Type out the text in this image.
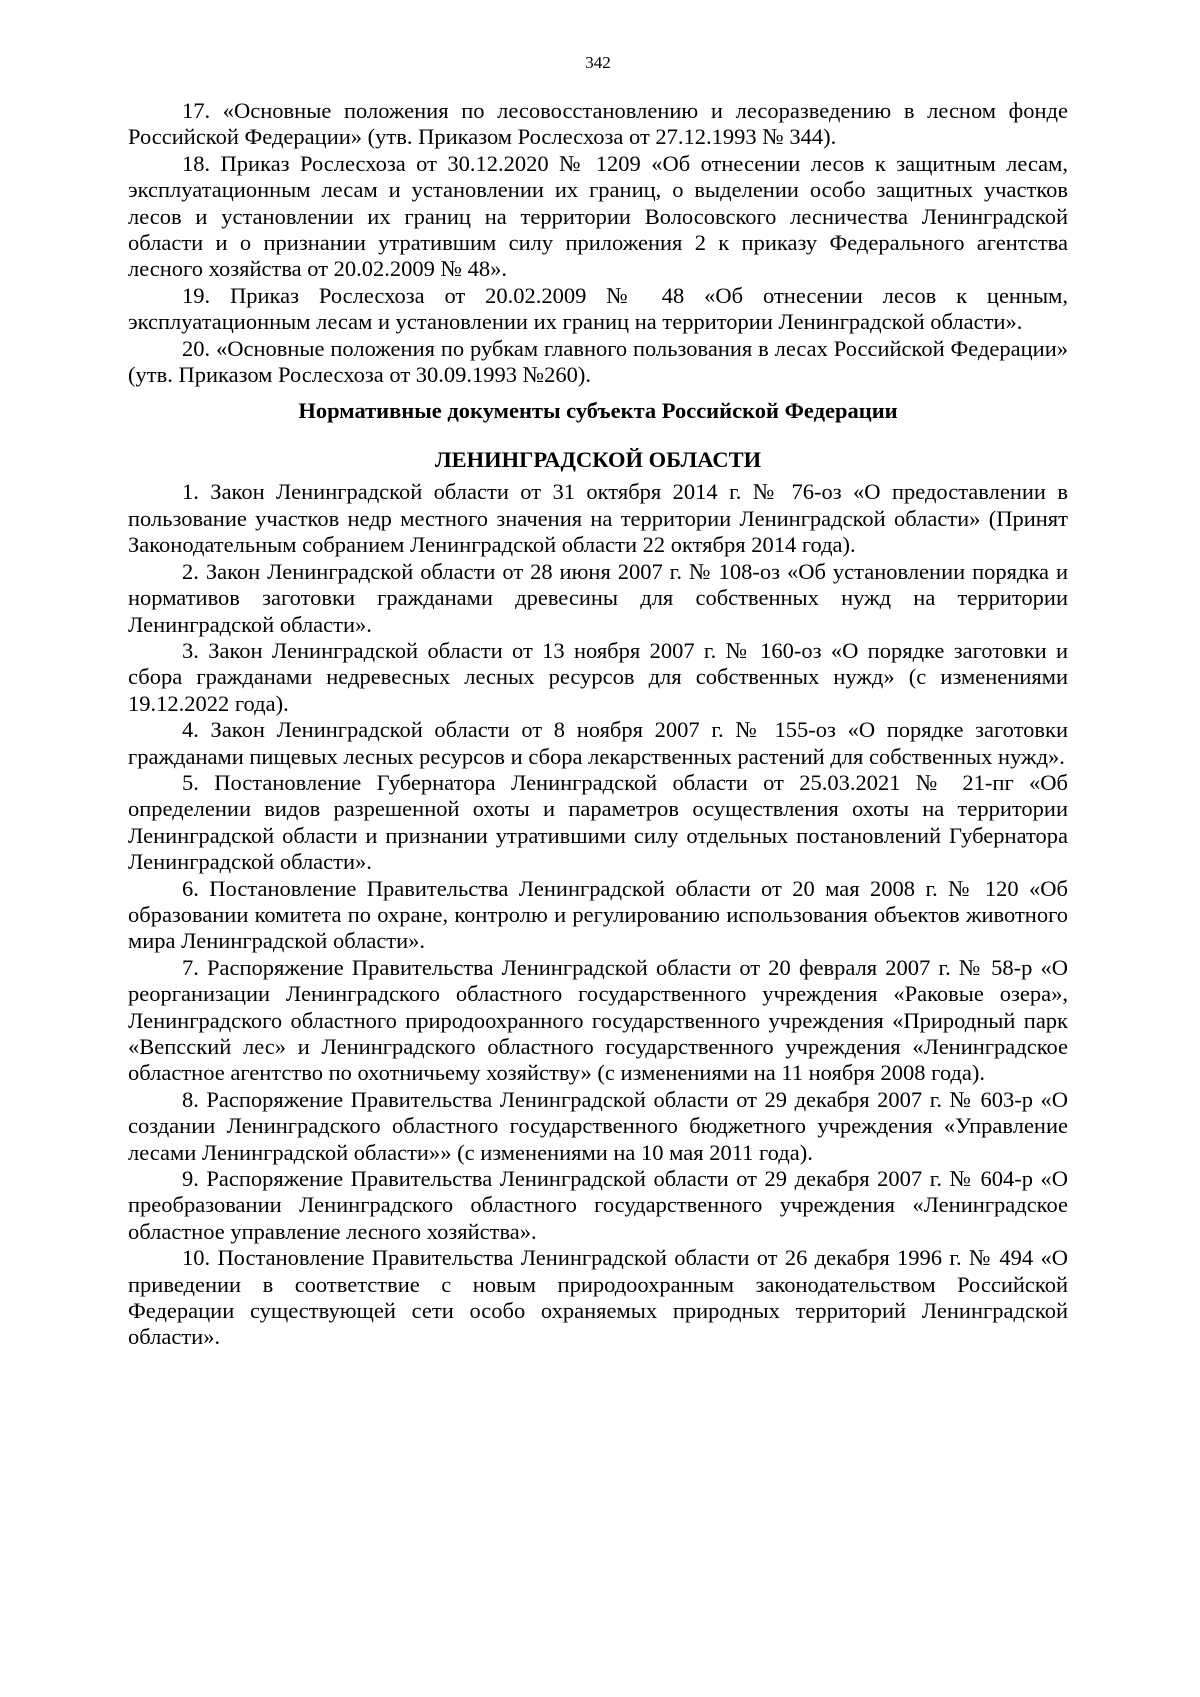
342

17. «Основные положения по лесовосстановлению и лесоразведению в лесном фонде Российской Федерации» (утв. Приказом Рослесхоза от 27.12.1993 № 344).

18. Приказ Рослесхоза от 30.12.2020 № 1209 «Об отнесении лесов к защитным лесам, эксплуатационным лесам и установлении их границ, о выделении особо защитных участков лесов и установлении их границ на территории Волосовского лесничества Ленинградской области и о признании утратившим силу приложения 2 к приказу Федерального агентства лесного хозяйства от 20.02.2009 № 48».

19. Приказ Рослесхоза от 20.02.2009 № 48 «Об отнесении лесов к ценным, эксплуатационным лесам и установлении их границ на территории Ленинградской области».

20. «Основные положения по рубкам главного пользования в лесах Российской Федерации» (утв. Приказом Рослесхоза от 30.09.1993 №260).

Нормативные документы субъекта Российской Федерации
ЛЕНИНГРАДСКОЙ ОБЛАСТИ

1. Закон Ленинградской области от 31 октября 2014 г. № 76-оз «О предоставлении в пользование участков недр местного значения на территории Ленинградской области» (Принят Законодательным собранием Ленинградской области 22 октября 2014 года).

2. Закон Ленинградской области от 28 июня 2007 г. № 108-оз «Об установлении порядка и нормативов заготовки гражданами древесины для собственных нужд на территории Ленинградской области».

3. Закон Ленинградской области от 13 ноября 2007 г. № 160-оз «О порядке заготовки и сбора гражданами недревесных лесных ресурсов для собственных нужд» (с изменениями 19.12.2022 года).

4. Закон Ленинградской области от 8 ноября 2007 г. № 155-оз «О порядке заготовки гражданами пищевых лесных ресурсов и сбора лекарственных растений для собственных нужд».

5. Постановление Губернатора Ленинградской области от 25.03.2021 № 21-пг «Об определении видов разрешенной охоты и параметров осуществления охоты на территории Ленинградской области и признании утратившими силу отдельных постановлений Губернатора Ленинградской области».

6. Постановление Правительства Ленинградской области от 20 мая 2008 г. № 120 «Об образовании комитета по охране, контролю и регулированию использования объектов животного мира Ленинградской области».

7. Распоряжение Правительства Ленинградской области от 20 февраля 2007 г. № 58-р «О реорганизации Ленинградского областного государственного учреждения «Раковые озера», Ленинградского областного природоохранного государственного учреждения «Природный парк «Вепсский лес» и Ленинградского областного государственного учреждения «Ленинградское областное агентство по охотничьему хозяйству» (с изменениями на 11 ноября 2008 года).

8. Распоряжение Правительства Ленинградской области от 29 декабря 2007 г. № 603-р «О создании Ленинградского областного государственного бюджетного учреждения «Управление лесами Ленинградской области»» (с изменениями на 10 мая 2011 года).

9. Распоряжение Правительства Ленинградской области от 29 декабря 2007 г. № 604-р «О преобразовании Ленинградского областного государственного учреждения «Ленинградское областное управление лесного хозяйства».

10. Постановление Правительства Ленинградской области от 26 декабря 1996 г. № 494 «О приведении в соответствие с новым природоохранным законодательством Российской Федерации существующей сети особо охраняемых природных территорий Ленинградской области».
